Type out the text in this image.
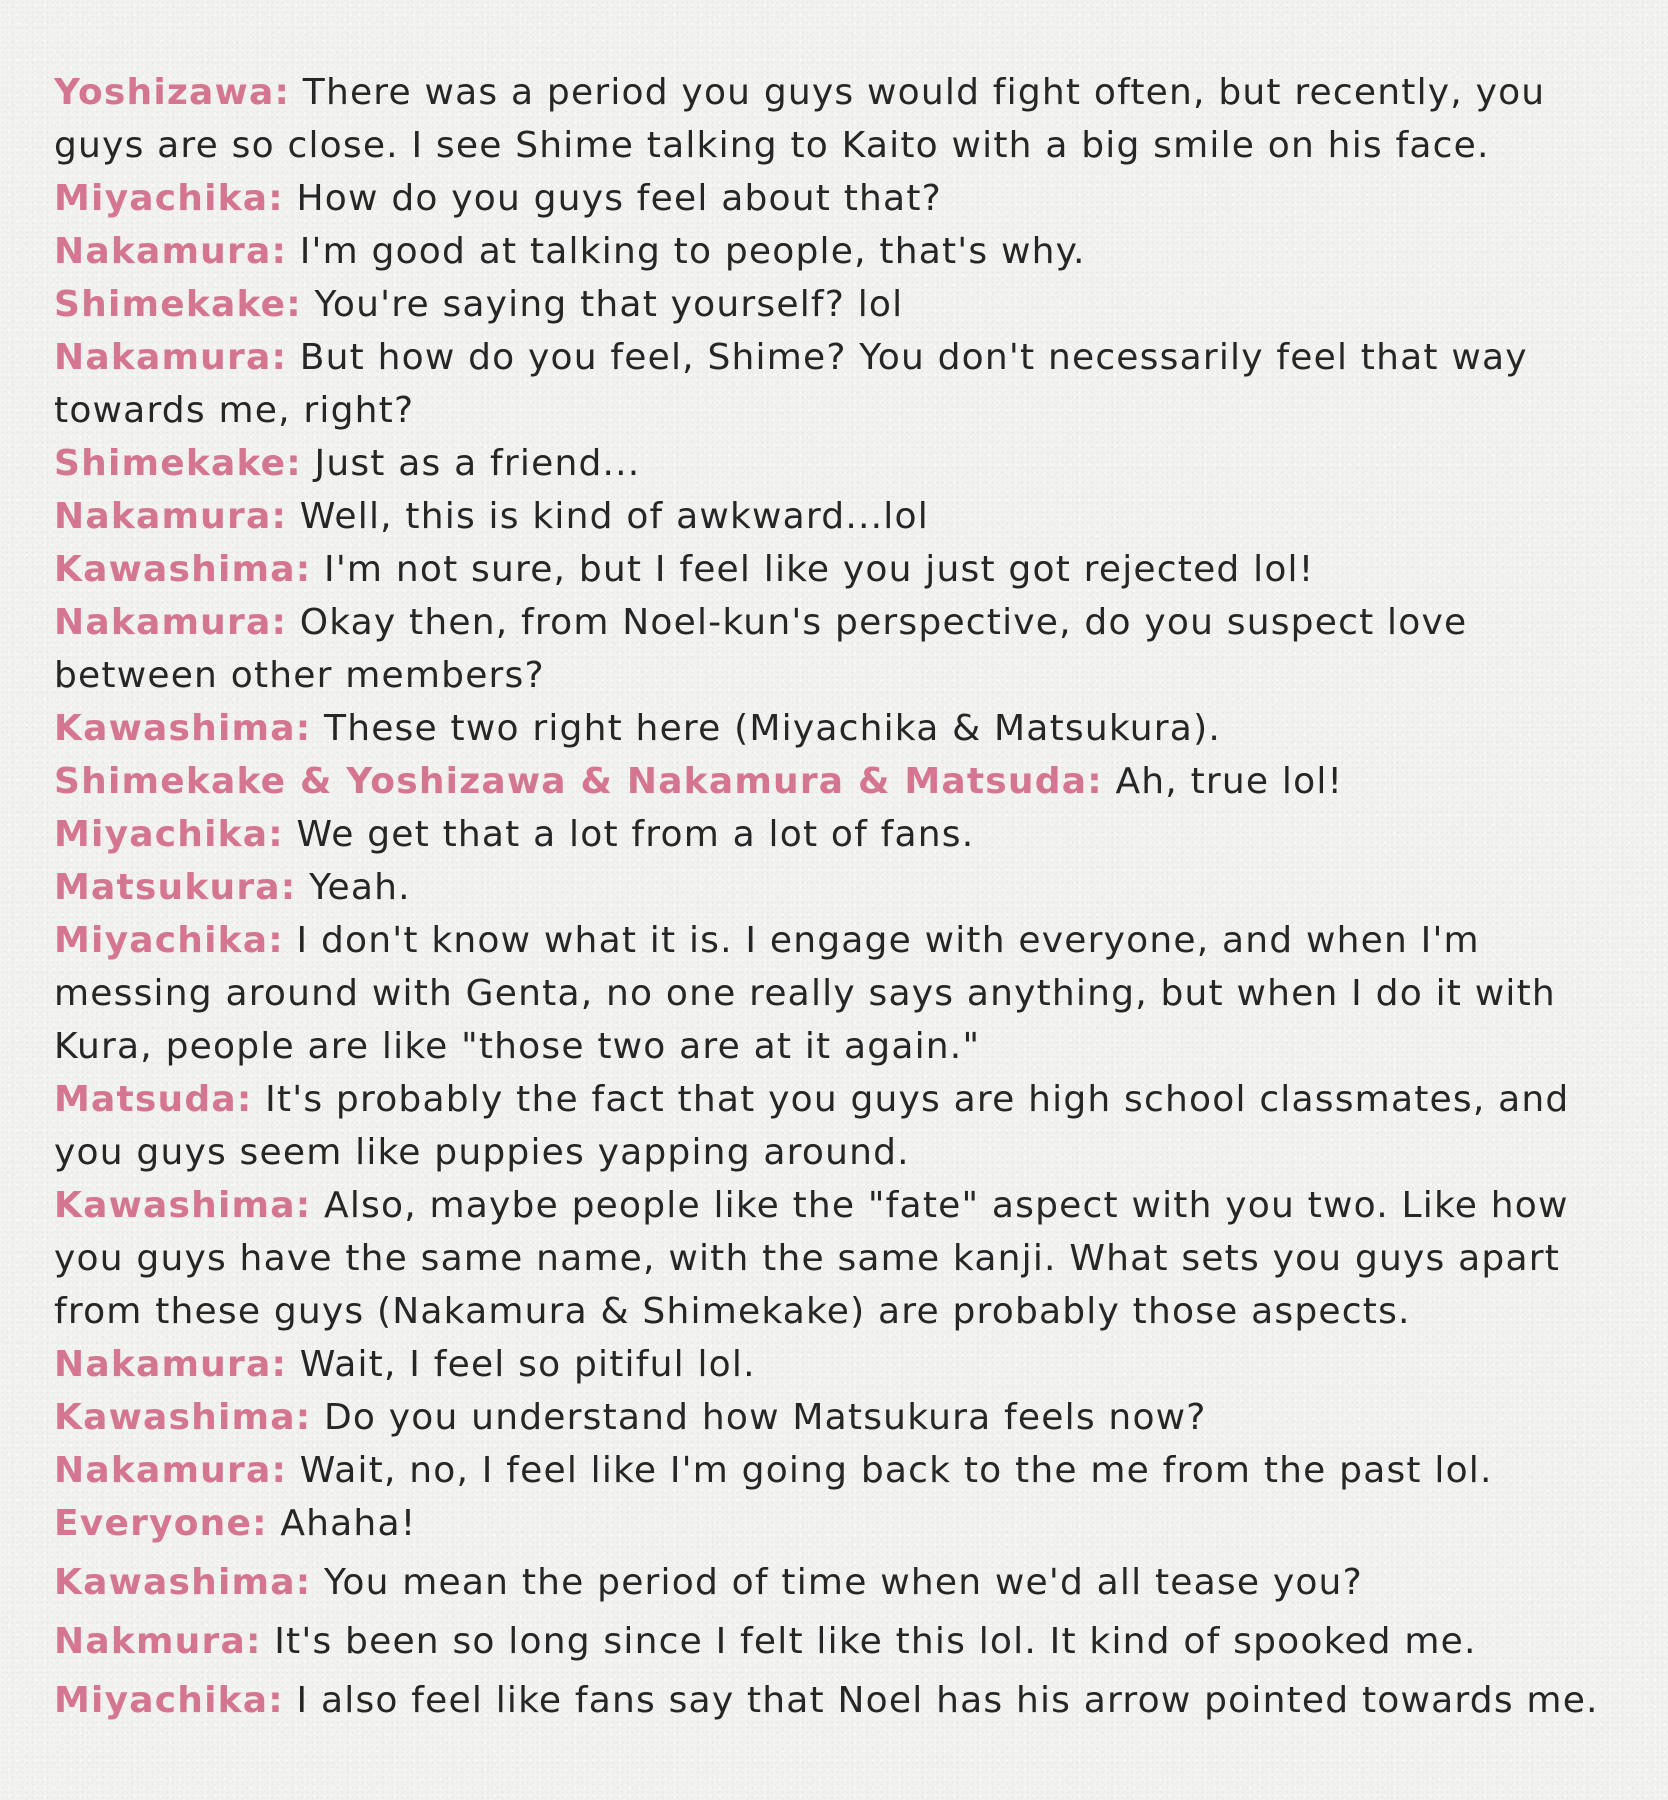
Yoshizawa: There was a period you guys would fight often, but recently, you guys are so close. I see Shime talking to Kaito with a big smile on his face.

Miyachika: How do you guys feel about that?

Nakamura: I'm good at talking to people, that's why.

Shimekake: You're saying that yourself? lol

Nakamura: But how do you feel, Shime? You don't necessarily feel that way towards me, right?

Shimekake: Just as a friend...

Nakamura: Well, this is kind of awkward...lol

Kawashima: I'm not sure, but I feel like you just got rejected lol!

Nakamura: Okay then, from Noel-kun's perspective, do you suspect love between other members?

Kawashima: These two right here (Miyachika & Matsukura).

Shimekake & Yoshizawa & Nakamura & Matsuda: Ah, true lol!

Miyachika: We get that a lot from a lot of fans.

Matsukura: Yeah.

Miyachika: I don't know what it is. I engage with everyone, and when I'm messing around with Genta, no one really says anything, but when I do it with Kura, people are like "those two are at it again."

Matsuda: It's probably the fact that you guys are high school classmates, and you guys seem like puppies yapping around.

Kawashima: Also, maybe people like the "fate" aspect with you two. Like how you guys have the same name, with the same kanji. What sets you guys apart from these guys (Nakamura & Shimekake) are probably those aspects.

Nakamura: Wait, I feel so pitiful lol.

Kawashima: Do you understand how Matsukura feels now?

Nakamura: Wait, no, I feel like I'm going back to the me from the past lol.

Everyone: Ahaha!

Kawashima: You mean the period of time when we'd all tease you?

Nakmura: It's been so long since I felt like this lol. It kind of spooked me.

Miyachika: I also feel like fans say that Noel has his arrow pointed towards me.
